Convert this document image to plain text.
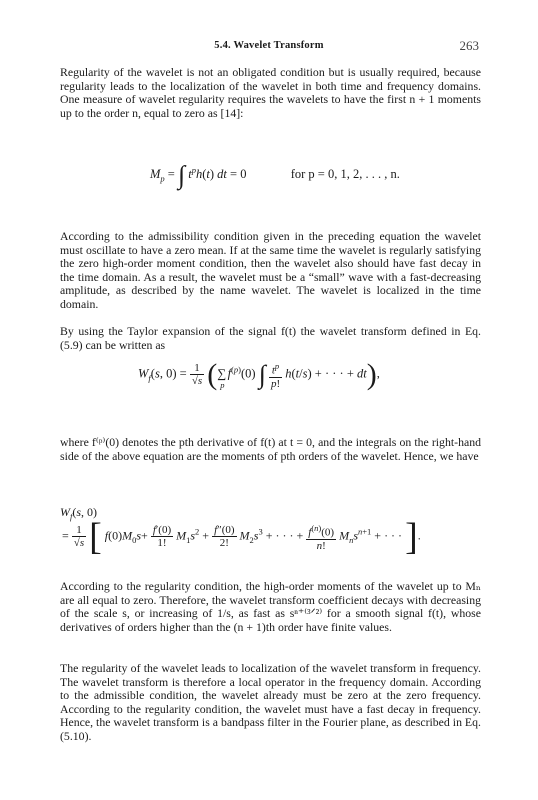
5.4. Wavelet Transform	263

Regularity of the wavelet is not an obligated condition but is usually required, because regularity leads to the localization of the wavelet in both time and frequency domains. One measure of wavelet regularity requires the wavelets to have the first n + 1 moments up to the order n, equal to zero as [14]:

$M_p$ = ∫ $t^ph(t)$ dt = 0	for p = 0, 1, 2, . . . , n.

According to the admissibility condition given in the preceding equation the wavelet must oscillate to have a zero mean. If at the same time the wavelet is regularly satisfying the zero high-order moment condition, then the wavelet also should have fast decay in the time domain. As a result, the wavelet must be a “small” wave with a fast-decreasing amplitude, as described by the name wavelet. The wavelet is localized in the time domain.

By using the Taylor expansion of the signal f(t) the wavelet transform defined in Eq. (5.9) can be written as

$W_f(s$, $0) = \frac{1}{√s} (\sum_p$ $f^{(p)}(0)$ ∫ $\frac{t^p}{p!} h(t/s)$ + · · · + dt),

where f⁽ᵖ⁾(0) denotes the pth derivative of f(t) at t = 0, and the integrals on the right-hand side of the above equation are the moments of pth orders of the wavelet. Hence, we have

$W_f(s$, 0)
= $\frac{1}{√s}$ [ $f(0)M_0s+ \frac{f'(0)}{1!} M_1s^2 + \frac{f''(0)}{2!} M_2s^3$ + · · · + $\frac{f^{(n)}(0)}{n!} M_ns^{n+1}$ + · · · ].

According to the regularity condition, the high-order moments of the wavelet up to Mₙ are all equal to zero. Therefore, the wavelet transform coefficient decays with decreasing of the scale s, or increasing of 1/s, as fast as sⁿ⁺⁽³ᐟ²⁾ for a smooth signal f(t), whose derivatives of orders higher than the (n + 1)th order have finite values.

The regularity of the wavelet leads to localization of the wavelet transform in frequency. The wavelet transform is therefore a local operator in the frequency domain. According to the admissible condition, the wavelet already must be zero at the zero frequency. According to the regularity condition, the wavelet must have a fast decay in frequency. Hence, the wavelet transform is a bandpass filter in the Fourier plane, as described in Eq. (5.10).
